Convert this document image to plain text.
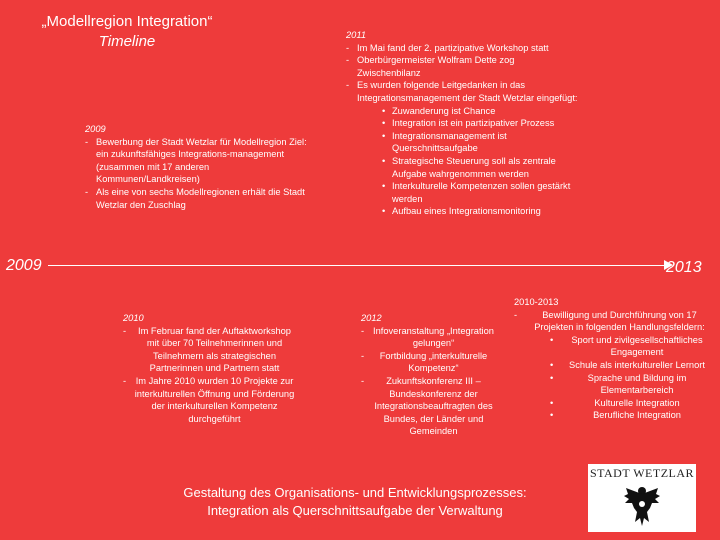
„Modellregion Integration“
Timeline
2009
- Bewerbung der Stadt Wetzlar für Modellregion Ziel: ein zukunftsfähiges Integrations-management (zusammen mit 17 anderen Kommunen/Landkreisen)
- Als eine von sechs Modellregionen erhält die Stadt Wetzlar den Zuschlag
2011
- Im Mai fand der 2. partizipative Workshop statt
- Oberbürgermeister Wolfram Dette zog Zwischenbilanz
- Es wurden folgende Leitgedanken in das Integrationsmanagement der Stadt Wetzlar eingefügt:
• Zuwanderung ist Chance
• Integration ist ein partizipativer Prozess
• Integrationsmanagement ist Querschnittsaufgabe
• Strategische Steuerung soll als zentrale Aufgabe wahrgenommen werden
• Interkulturelle Kompetenzen sollen gestärkt werden
• Aufbau eines Integrationsmonitoring
2009	2013
2010
- Im Februar fand der Auftaktworkshop mit über 70 Teilnehmerinnen und Teilnehmern als strategischen Partnerinnen und Partnern statt
- Im Jahre 2010 wurden 10 Projekte zur interkulturellen Öffnung und Förderung der interkulturellen Kompetenz durchgeführt
2012
- Infoveranstaltung „Integration gelungen“
- Fortbildung „interkulturelle Kompetenz“
- Zukunftskonferenz III – Bundeskonferenz der Integrationsbeauftragten des Bundes, der Länder und Gemeinden
2010-2013
- Bewilligung und Durchführung von 17 Projekten in folgenden Handlungsfeldern:
• Sport und zivilgesellschaftliches Engagement
• Schule als interkultureller Lernort
• Sprache und Bildung im Elementarbereich
• Kulturelle Integration
• Berufliche Integration
Gestaltung des Organisations- und Entwicklungsprozesses:
Integration als Querschnittsaufgabe der Verwaltung
STADT WETZLAR
